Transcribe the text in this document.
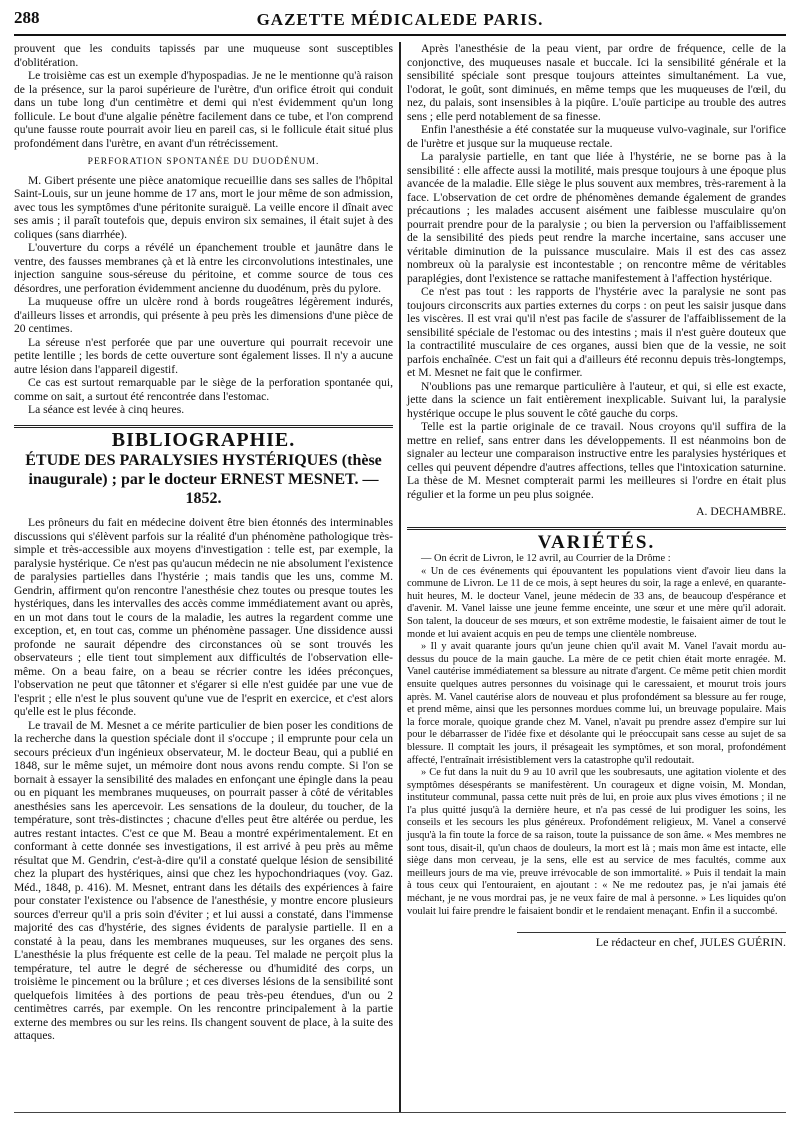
288	GAZETTE MÉDICALEDE PARIS.

prouvent que les conduits tapissés par une muqueuse sont susceptibles d'oblitération.

Le troisième cas est un exemple d'hypospadias. Je ne le mentionne qu'à raison de la présence, sur la paroi supérieure de l'urètre, d'un orifice étroit qui conduit dans un tube long d'un centimètre et demi qui n'est évidemment qu'un long follicule. Le bout d'une algalie pénètre facilement dans ce tube, et l'on comprend qu'une fausse route pourrait avoir lieu en pareil cas, si le follicule était situé plus profondément dans l'urètre, en avant d'un rétrécissement.

PERFORATION SPONTANÉE DU DUODÉNUM.

M. Gibert présente une pièce anatomique recueillie dans ses salles de l'hôpital Saint-Louis, sur un jeune homme de 17 ans, mort le jour même de son admission, avec tous les symptômes d'une péritonite suraiguë. La veille encore il dînait avec ses amis ; il paraît toutefois que, depuis environ six semaines, il était sujet à des coliques (sans diarrhée).

L'ouverture du corps a révélé un épanchement trouble et jaunâtre dans le ventre, des fausses membranes çà et là entre les circonvolutions intestinales, une injection sanguine sous-séreuse du péritoine, et comme source de tous ces désordres, une perforation évidemment ancienne du duodénum, près du pylore.

La muqueuse offre un ulcère rond à bords rougeâtres légèrement indurés, d'ailleurs lisses et arrondis, qui présente à peu près les dimensions d'une pièce de 20 centimes.

La séreuse n'est perforée que par une ouverture qui pourrait recevoir une petite lentille ; les bords de cette ouverture sont également lisses. Il n'y a aucune autre lésion dans l'appareil digestif.

Ce cas est surtout remarquable par le siège de la perforation spontanée qui, comme on sait, a surtout été rencontrée dans l'estomac.

La séance est levée à cinq heures.

BIBLIOGRAPHIE.
ÉTUDE DES PARALYSIES HYSTÉRIQUES (thèse inaugurale) ; par le docteur ERNEST MESNET. — 1852.

Les prôneurs du fait en médecine doivent être bien étonnés des interminables discussions qui s'élèvent parfois sur la réalité d'un phénomène pathologique très-simple et très-accessible aux moyens d'investigation : telle est, par exemple, la paralysie hystérique. Ce n'est pas qu'aucun médecin ne nie absolument l'existence de paralysies partielles dans l'hystérie ; mais tandis que les uns, comme M. Gendrin, affirment qu'on rencontre l'anesthésie chez toutes ou presque toutes les hystériques, dans les intervalles des accès comme immédiatement avant ou après, en un mot dans tout le cours de la maladie, les autres la regardent comme une exception, et, en tout cas, comme un phénomène passager. Une dissidence aussi profonde ne saurait dépendre des circonstances où se sont trouvés les observateurs ; elle tient tout simplement aux difficultés de l'observation elle-même. On a beau faire, on a beau se récrier contre les idées préconçues, l'observation ne peut que tâtonner et s'égarer si elle n'est guidée par une vue de l'esprit ; elle n'est le plus souvent qu'une vue de l'esprit en exercice, et c'est alors qu'elle est le plus féconde.

Le travail de M. Mesnet a ce mérite particulier de bien poser les conditions de la recherche dans la question spéciale dont il s'occupe ; il emprunte pour cela un secours précieux d'un ingénieux observateur, M. le docteur Beau, qui a publié en 1848, sur le même sujet, un mémoire dont nous avons rendu compte. Si l'on se bornait à essayer la sensibilité des malades en enfonçant une épingle dans la peau ou en piquant les membranes muqueuses, on pourrait passer à côté de véritables anesthésies sans les apercevoir. Les sensations de la douleur, du toucher, de la température, sont très-distinctes ; chacune d'elles peut être altérée ou perdue, les autres restant intactes. C'est ce que M. Beau a montré expérimentalement. Et en conformant à cette donnée ses investigations, il est arrivé à peu près au même résultat que M. Gendrin, c'est-à-dire qu'il a constaté quelque lésion de sensibilité chez la plupart des hystériques, ainsi que chez les hypochondriaques (voy. Gaz. Méd., 1848, p. 416). M. Mesnet, entrant dans les détails des expériences à faire pour constater l'existence ou l'absence de l'anesthésie, y montre encore plusieurs sources d'erreur qu'il a pris soin d'éviter ; et lui aussi a constaté, dans l'immense majorité des cas d'hystérie, des signes évidents de paralysie partielle. Il en a constaté à la peau, dans les membranes muqueuses, sur les organes des sens. L'anesthésie la plus fréquente est celle de la peau. Tel malade ne perçoit plus la température, tel autre le degré de sécheresse ou d'humidité des corps, un troisième le pincement ou la brûlure ; et ces diverses lésions de la sensibilité sont quelquefois limitées à des portions de peau très-peu étendues, d'un ou 2 centimètres carrés, par exemple. On les rencontre principalement à la partie externe des membres ou sur les reins. Ils changent souvent de place, à la suite des attaques.

Après l'anesthésie de la peau vient, par ordre de fréquence, celle de la conjonctive, des muqueuses nasale et buccale. Ici la sensibilité générale et la sensibilité spéciale sont presque toujours atteintes simultanément. La vue, l'odorat, le goût, sont diminués, en même temps que les muqueuses de l'œil, du nez, du palais, sont insensibles à la piqûre. L'ouïe participe au trouble des autres sens ; elle perd notablement de sa finesse.

Enfin l'anesthésie a été constatée sur la muqueuse vulvo-vaginale, sur l'orifice de l'urètre et jusque sur la muqueuse rectale.

La paralysie partielle, en tant que liée à l'hystérie, ne se borne pas à la sensibilité : elle affecte aussi la motilité, mais presque toujours à une époque plus avancée de la maladie. Elle siège le plus souvent aux membres, très-rarement à la face. L'observation de cet ordre de phénomènes demande également de grandes précautions ; les malades accusent aisément une faiblesse musculaire qu'on pourrait prendre pour de la paralysie ; ou bien la perversion ou l'affaiblissement de la sensibilité des pieds peut rendre la marche incertaine, sans accuser une véritable diminution de la puissance musculaire. Mais il est des cas assez nombreux où la paralysie est incontestable ; on rencontre même de véritables paraplégies, dont l'existence se rattache manifestement à l'affection hystérique.

Ce n'est pas tout : les rapports de l'hystérie avec la paralysie ne sont pas toujours circonscrits aux parties externes du corps : on peut les saisir jusque dans les viscères. Il est vrai qu'il n'est pas facile de s'assurer de l'affaiblissement de la sensibilité spéciale de l'estomac ou des intestins ; mais il n'est guère douteux que la contractilité musculaire de ces organes, aussi bien que de la vessie, ne soit parfois enchaînée. C'est un fait qui a d'ailleurs été reconnu depuis très-longtemps, et M. Mesnet ne fait que le confirmer.

N'oublions pas une remarque particulière à l'auteur, et qui, si elle est exacte, jette dans la science un fait entièrement inexplicable. Suivant lui, la paralysie hystérique occupe le plus souvent le côté gauche du corps.

Telle est la partie originale de ce travail. Nous croyons qu'il suffira de la mettre en relief, sans entrer dans les développements. Il est néanmoins bon de signaler au lecteur une comparaison instructive entre les paralysies hystériques et celles qui peuvent dépendre d'autres affections, telles que l'intoxication saturnine. La thèse de M. Mesnet compterait parmi les meilleures si l'ordre en était plus régulier et la forme un peu plus soignée.

A. DECHAMBRE.
VARIÉTÉS.

— On écrit de Livron, le 12 avril, au Courrier de la Drôme :

« Un de ces événements qui épouvantent les populations vient d'avoir lieu dans la commune de Livron. Le 11 de ce mois, à sept heures du soir, la rage a enlevé, en quarante-huit heures, M. le docteur Vanel, jeune médecin de 33 ans, de beaucoup d'espérance et d'avenir. M. Vanel laisse une jeune femme enceinte, une sœur et une mère qu'il adorait. Son talent, la douceur de ses mœurs, et son extrême modestie, le faisaient aimer de tout le monde et lui avaient acquis en peu de temps une clientèle nombreuse.

» Il y avait quarante jours qu'un jeune chien qu'il avait M. Vanel l'avait mordu au-dessus du pouce de la main gauche. La mère de ce petit chien était morte enragée. M. Vanel cautérise immédiatement sa blessure au nitrate d'argent. Ce même petit chien mordit ensuite quelques autres personnes du voisinage qui le caressaient, et mourut trois jours après. M. Vanel cautérise alors de nouveau et plus profondément sa blessure au fer rouge, et prend même, ainsi que les personnes mordues comme lui, un breuvage populaire. Mais la force morale, quoique grande chez M. Vanel, n'avait pu prendre assez d'empire sur lui pour le débarrasser de l'idée fixe et désolante qui le préoccupait sans cesse au sujet de sa blessure. Il comptait les jours, il présageait les symptômes, et son moral, profondément affecté, l'entraînait irrésistiblement vers la catastrophe qu'il redoutait.

» Ce fut dans la nuit du 9 au 10 avril que les soubresauts, une agitation violente et des symptômes désespérants se manifestèrent. Un courageux et digne voisin, M. Mondan, instituteur communal, passa cette nuit près de lui, en proie aux plus vives émotions ; il ne l'a plus quitté jusqu'à la dernière heure, et n'a pas cessé de lui prodiguer les soins, les conseils et les secours les plus généreux. Profondément religieux, M. Vanel a conservé jusqu'à la fin toute la force de sa raison, toute la puissance de son âme. « Mes membres ne sont tous, disait-il, qu'un chaos de douleurs, la mort est là ; mais mon âme est intacte, elle siège dans mon cerveau, je la sens, elle est au service de mes facultés, comme aux meilleurs jours de ma vie, preuve irrévocable de son immortalité. » Puis il tendait la main à tous ceux qui l'entouraient, en ajoutant : « Ne me redoutez pas, je n'ai jamais été méchant, je ne vous mordrai pas, je ne veux faire de mal à personne. » Les liquides qu'on voulait lui faire prendre le faisaient bondir et le rendaient menaçant. Enfin il a succombé.

Le rédacteur en chef, JULES GUÉRIN.
